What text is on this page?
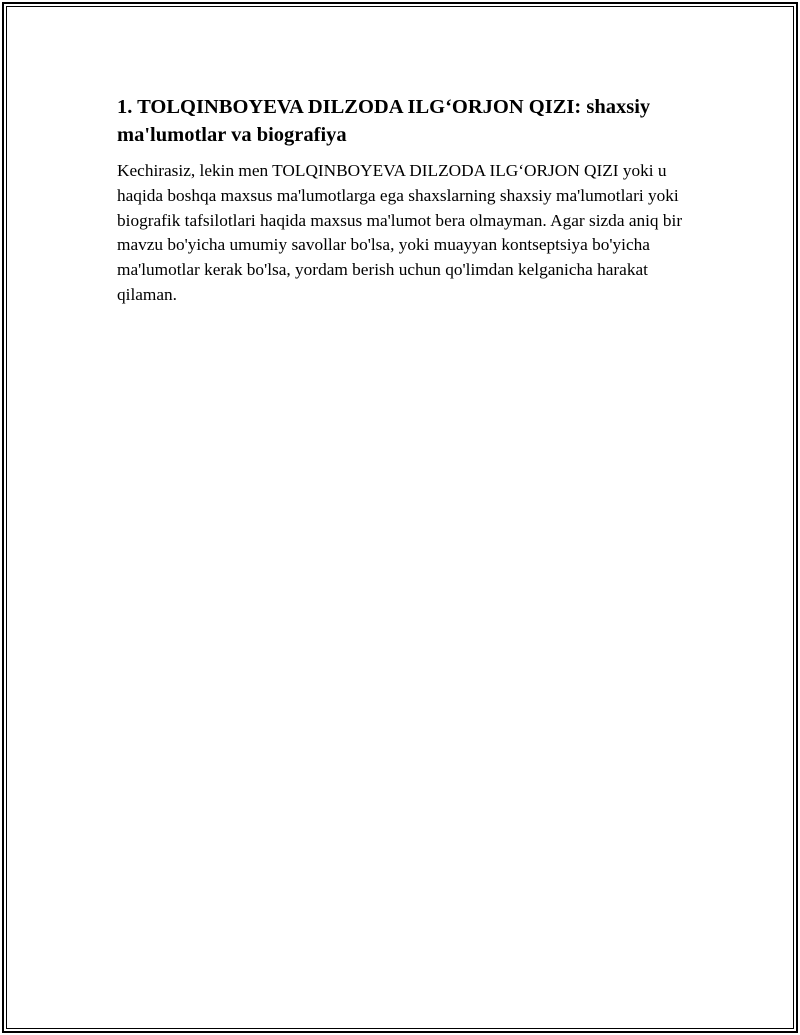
1. TOLQINBOYEVA DILZODA ILG‘ORJON QIZI: shaxsiy ma'lumotlar va biografiya

Kechirasiz, lekin men TOLQINBOYEVA DILZODA ILG‘ORJON QIZI yoki u haqida boshqa maxsus ma'lumotlarga ega shaxslarning shaxsiy ma'lumotlari yoki biografik tafsilotlari haqida maxsus ma'lumot bera olmayman. Agar sizda aniq bir mavzu bo'yicha umumiy savollar bo'lsa, yoki muayyan kontseptsiya bo'yicha ma'lumotlar kerak bo'lsa, yordam berish uchun qo'limdan kelganicha harakat qilaman.
